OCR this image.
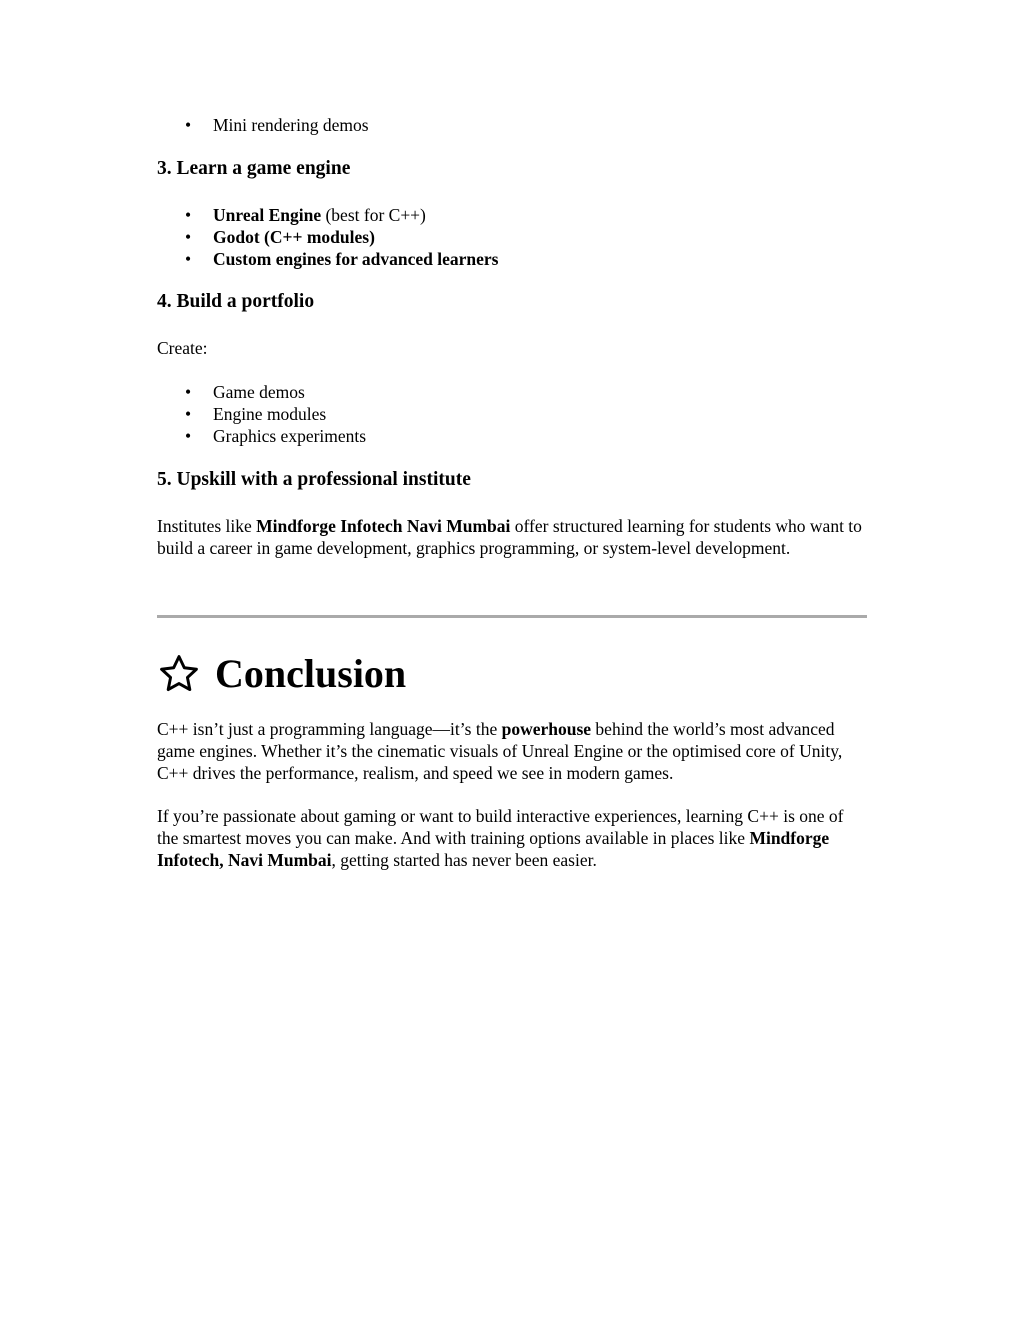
• Mini rendering demos
3. Learn a game engine
• Unreal Engine (best for C++)
• Godot (C++ modules)
• Custom engines for advanced learners
4. Build a portfolio

Create:

• Game demos
• Engine modules
• Graphics experiments
5. Upskill with a professional institute

Institutes like Mindforge Infotech Navi Mumbai offer structured learning for students who want to build a career in game development, graphics programming, or system-level development.

Conclusion

C++ isn’t just a programming language—it’s the powerhouse behind the world’s most advanced game engines. Whether it’s the cinematic visuals of Unreal Engine or the optimised core of Unity, C++ drives the performance, realism, and speed we see in modern games.

If you’re passionate about gaming or want to build interactive experiences, learning C++ is one of the smartest moves you can make. And with training options available in places like Mindforge Infotech, Navi Mumbai, getting started has never been easier.
